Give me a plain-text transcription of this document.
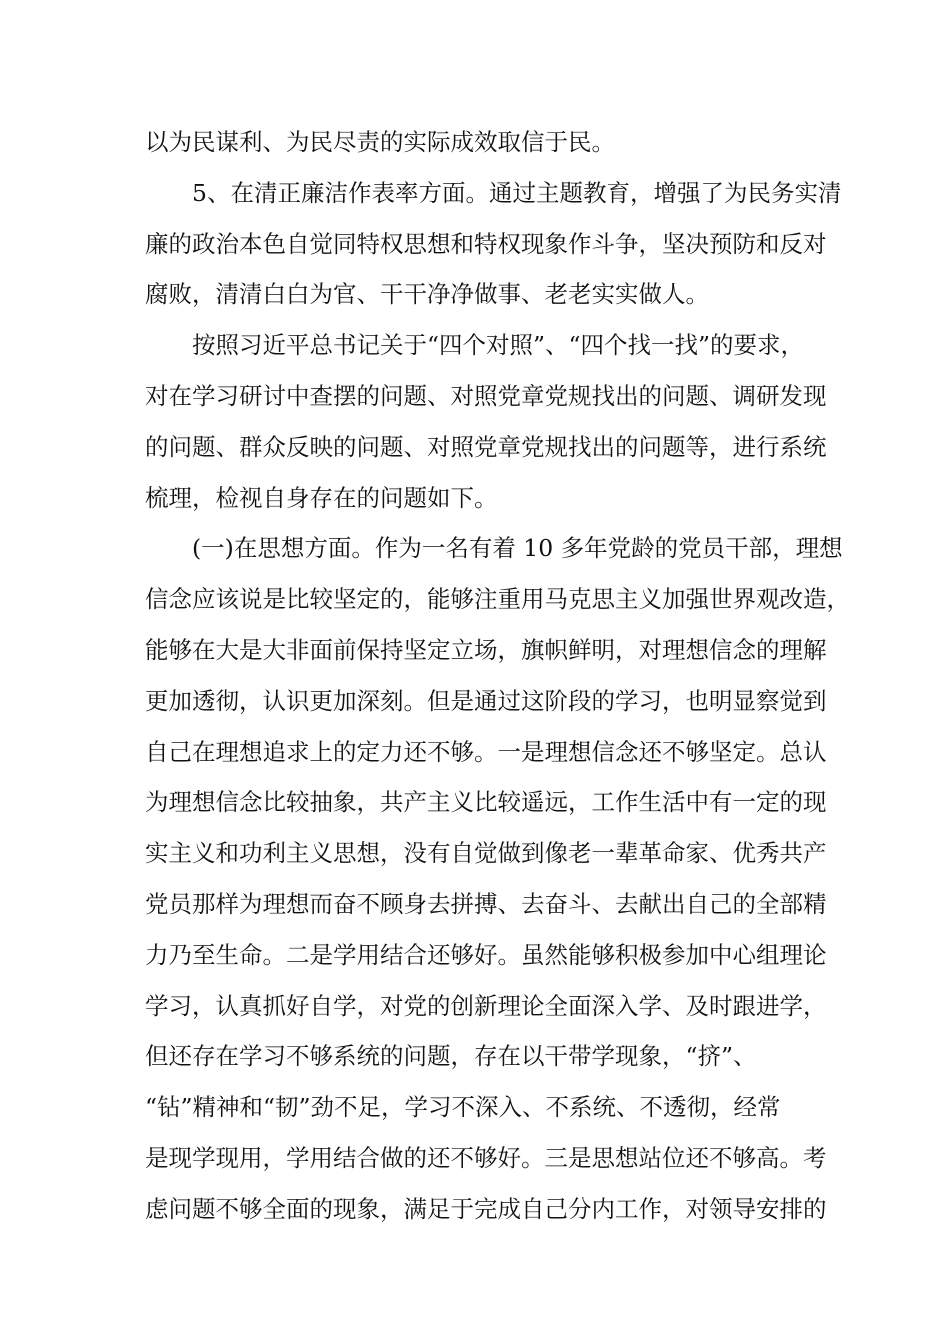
以为民谋利、为民尽责的实际成效取信于民。
5、在清正廉洁作表率方面。通过主题教育，增强了为民务实清
廉的政治本色自觉同特权思想和特权现象作斗争，坚决预防和反对
腐败，清清白白为官、干干净净做事、老老实实做人。
按照习近平总书记关于“四个对照”、“四个找一找”的要求，
对在学习研讨中查摆的问题、对照党章党规找出的问题、调研发现
的问题、群众反映的问题、对照党章党规找出的问题等，进行系统
梳理，检视自身存在的问题如下。
(一)在思想方面。作为一名有着 10 多年党龄的党员干部，理想
信念应该说是比较坚定的，能够注重用马克思主义加强世界观改造，
能够在大是大非面前保持坚定立场，旗帜鲜明，对理想信念的理解
更加透彻，认识更加深刻。但是通过这阶段的学习，也明显察觉到
自己在理想追求上的定力还不够。一是理想信念还不够坚定。总认
为理想信念比较抽象，共产主义比较遥远，工作生活中有一定的现
实主义和功利主义思想，没有自觉做到像老一辈革命家、优秀共产
党员那样为理想而奋不顾身去拼搏、去奋斗、去献出自己的全部精
力乃至生命。二是学用结合还够好。虽然能够积极参加中心组理论
学习，认真抓好自学，对党的创新理论全面深入学、及时跟进学，
但还存在学习不够系统的问题，存在以干带学现象，“挤”、
“钻”精神和“韧”劲不足，学习不深入、不系统、不透彻，经常
是现学现用，学用结合做的还不够好。三是思想站位还不够高。考
虑问题不够全面的现象，满足于完成自己分内工作，对领导安排的
